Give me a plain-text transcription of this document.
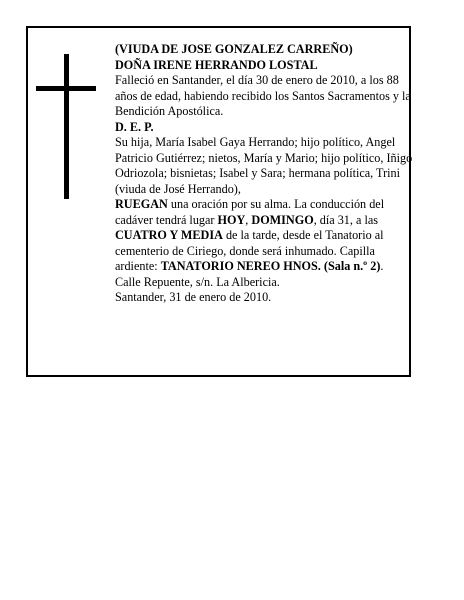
(VIUDA DE JOSE GONZALEZ CARREÑO)

DOÑA IRENE HERRANDO LOSTAL

Falleció en Santander, el día 30 de enero de 2010, a los 88 años de edad, habiendo recibido los Santos Sacramentos y la Bendición Apostólica.

D. E. P.

Su hija, María Isabel Gaya Herrando; hijo político, Angel Patricio Gutiérrez; nietos, María y Mario; hijo político, Iñigo Odriozola; bisnietas; Isabel y Sara; hermana política, Trini (viuda de José Herrando),

RUEGAN una oración por su alma. La conducción del cadáver tendrá lugar HOY, DOMINGO, día 31, a las CUATRO Y MEDIA de la tarde, desde el Tanatorio al cementerio de Ciriego, donde será inhumado. Capilla ardiente: TANATORIO NEREO HNOS. (Sala n.º 2).

Calle Repuente, s/n. La Albericia.

Santander, 31 de enero de 2010.
